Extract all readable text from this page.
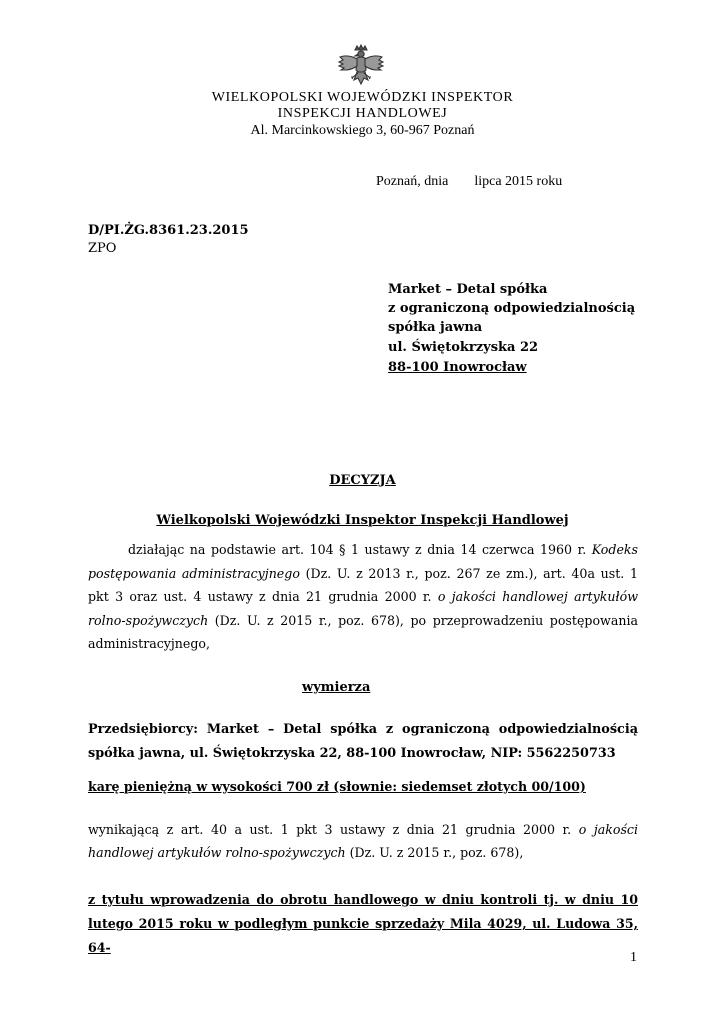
WIELKOPOLSKI WOJEWÓDZKI INSPEKTOR

INSPEKCJI HANDLOWEJ

Al. Marcinkowskiego 3, 60-967 Poznań

Poznań, dnia lipca 2015 roku

D/PI.ŻG.8361.23.2015

ZPO

Market – Detal spółka

z ograniczoną odpowiedzialnością

spółka jawna

ul. Świętokrzyska 22

88-100 Inowrocław

DECYZJA

Wielkopolski Wojewódzki Inspektor Inspekcji Handlowej

działając na podstawie art. 104 § 1 ustawy z dnia 14 czerwca 1960 r. Kodeks postępowania administracyjnego (Dz. U. z 2013 r., poz. 267 ze zm.), art. 40a ust. 1 pkt 3 oraz ust. 4 ustawy z dnia 21 grudnia 2000 r. o jakości handlowej artykułów rolno-spożywczych (Dz. U. z 2015 r., poz. 678), po przeprowadzeniu postępowania administracyjnego,

wymierza

Przedsiębiorcy: Market – Detal spółka z ograniczoną odpowiedzialnością spółka jawna, ul. Świętokrzyska 22, 88-100 Inowrocław, NIP: 5562250733

karę pieniężną w wysokości 700 zł (słownie: siedemset złotych 00/100)

wynikającą z art. 40 a ust. 1 pkt 3 ustawy z dnia 21 grudnia 2000 r. o jakości handlowej artykułów rolno-spożywczych (Dz. U. z 2015 r., poz. 678),

z tytułu wprowadzenia do obrotu handlowego w dniu kontroli tj. w dniu 10 lutego 2015 roku w podległym punkcie sprzedaży Mila 4029, ul. Ludowa 35, 64-

1
